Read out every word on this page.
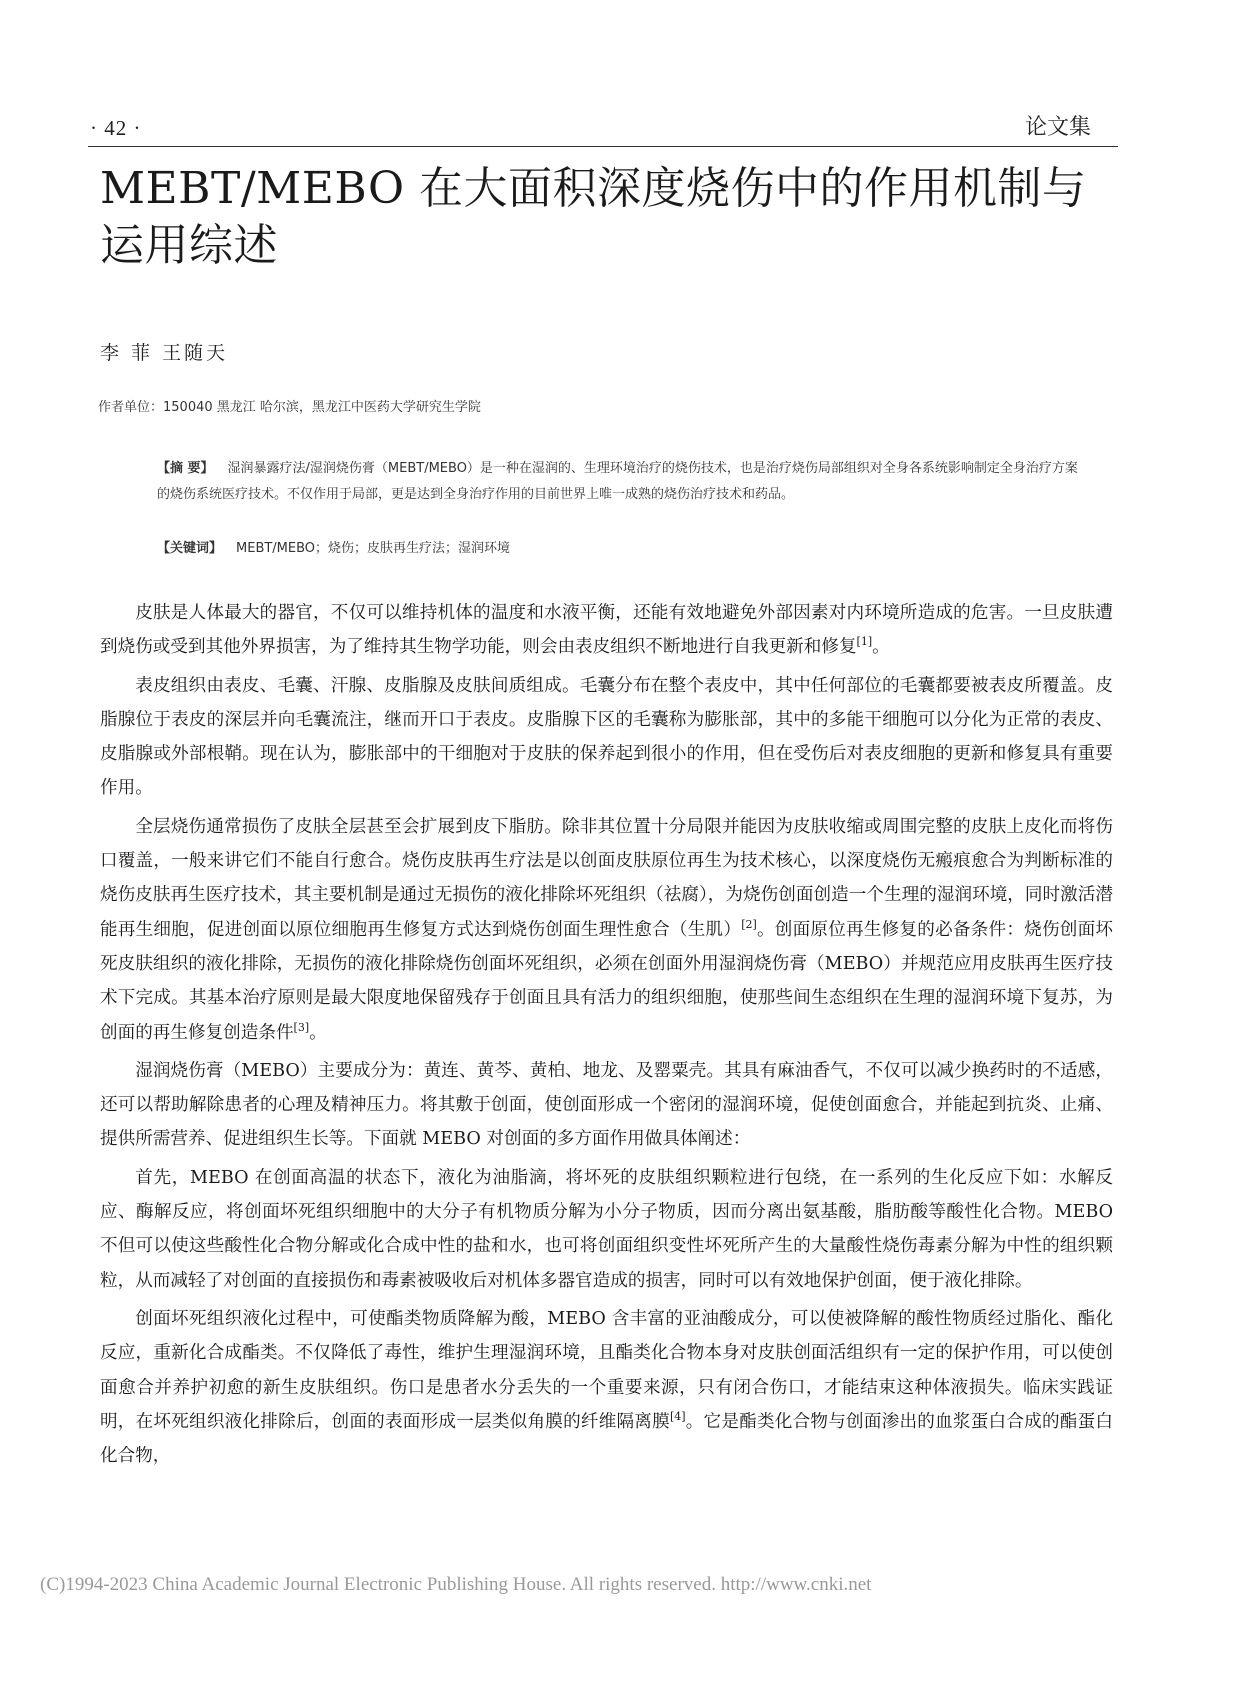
· 42 ·	论文集
MEBT/MEBO 在大面积深度烧伤中的作用机制与运用综述
李 菲 王随天
作者单位：150040 黑龙江 哈尔滨，黑龙江中医药大学研究生学院

【摘 要】 湿润暴露疗法/湿润烧伤膏（MEBT/MEBO）是一种在湿润的、生理环境治疗的烧伤技术，也是治疗烧伤局部组织对全身各系统影响制定全身治疗方案的烧伤系统医疗技术。不仅作用于局部，更是达到全身治疗作用的目前世界上唯一成熟的烧伤治疗技术和药品。

【关键词】 MEBT/MEBO；烧伤；皮肤再生疗法；湿润环境

皮肤是人体最大的器官，不仅可以维持机体的温度和水液平衡，还能有效地避免外部因素对内环境所造成的危害。一旦皮肤遭到烧伤或受到其他外界损害，为了维持其生物学功能，则会由表皮组织不断地进行自我更新和修复[1]。

表皮组织由表皮、毛囊、汗腺、皮脂腺及皮肤间质组成。毛囊分布在整个表皮中，其中任何部位的毛囊都要被表皮所覆盖。皮脂腺位于表皮的深层并向毛囊流注，继而开口于表皮。皮脂腺下区的毛囊称为膨胀部，其中的多能干细胞可以分化为正常的表皮、皮脂腺或外部根鞘。现在认为，膨胀部中的干细胞对于皮肤的保养起到很小的作用，但在受伤后对表皮细胞的更新和修复具有重要作用。

全层烧伤通常损伤了皮肤全层甚至会扩展到皮下脂肪。除非其位置十分局限并能因为皮肤收缩或周围完整的皮肤上皮化而将伤口覆盖，一般来讲它们不能自行愈合。烧伤皮肤再生疗法是以创面皮肤原位再生为技术核心，以深度烧伤无瘢痕愈合为判断标准的烧伤皮肤再生医疗技术，其主要机制是通过无损伤的液化排除坏死组织（祛腐），为烧伤创面创造一个生理的湿润环境，同时激活潜能再生细胞，促进创面以原位细胞再生修复方式达到烧伤创面生理性愈合（生肌）[2]。创面原位再生修复的必备条件：烧伤创面坏死皮肤组织的液化排除，无损伤的液化排除烧伤创面坏死组织，必须在创面外用湿润烧伤膏（MEBO）并规范应用皮肤再生医疗技术下完成。其基本治疗原则是最大限度地保留残存于创面且具有活力的组织细胞，使那些间生态组织在生理的湿润环境下复苏，为创面的再生修复创造条件[3]。

湿润烧伤膏（MEBO）主要成分为：黄连、黄芩、黄柏、地龙、及罂粟壳。其具有麻油香气，不仅可以减少换药时的不适感，还可以帮助解除患者的心理及精神压力。将其敷于创面，使创面形成一个密闭的湿润环境，促使创面愈合，并能起到抗炎、止痛、提供所需营养、促进组织生长等。下面就 MEBO 对创面的多方面作用做具体阐述：

首先，MEBO 在创面高温的状态下，液化为油脂滴，将坏死的皮肤组织颗粒进行包绕，在一系列的生化反应下如：水解反应、酶解反应，将创面坏死组织细胞中的大分子有机物质分解为小分子物质，因而分离出氨基酸，脂肪酸等酸性化合物。MEBO 不但可以使这些酸性化合物分解或化合成中性的盐和水，也可将创面组织变性坏死所产生的大量酸性烧伤毒素分解为中性的组织颗粒，从而减轻了对创面的直接损伤和毒素被吸收后对机体多器官造成的损害，同时可以有效地保护创面，便于液化排除。

创面坏死组织液化过程中，可使酯类物质降解为酸，MEBO 含丰富的亚油酸成分，可以使被降解的酸性物质经过脂化、酯化反应，重新化合成酯类。不仅降低了毒性，维护生理湿润环境，且酯类化合物本身对皮肤创面活组织有一定的保护作用，可以使创面愈合并养护初愈的新生皮肤组织。伤口是患者水分丢失的一个重要来源，只有闭合伤口，才能结束这种体液损失。临床实践证明，在坏死组织液化排除后，创面的表面形成一层类似角膜的纤维隔离膜[4]。它是酯类化合物与创面渗出的血浆蛋白合成的酯蛋白化合物，

(C)1994-2023 China Academic Journal Electronic Publishing House. All rights reserved. http://www.cnki.net
